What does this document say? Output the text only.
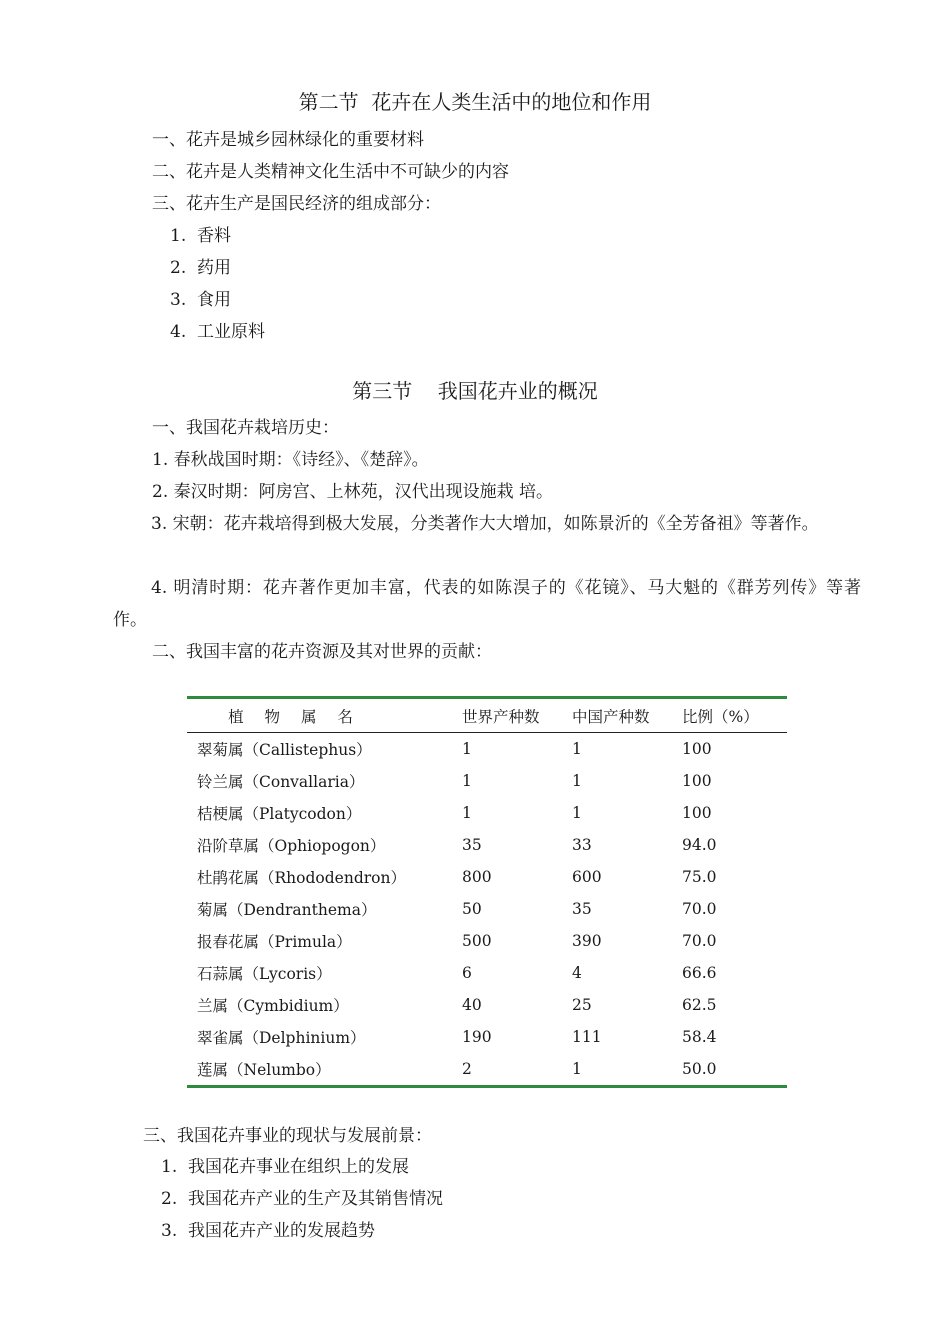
第二节  花卉在人类生活中的地位和作用
一、花卉是城乡园林绿化的重要材料
二、花卉是人类精神文化生活中不可缺少的内容
三、花卉生产是国民经济的组成部分：
1.  香料
2.  药用
3.  食用
4.  工业原料
第三节    我国花卉业的概况
一、我国花卉栽培历史：
1. 春秋战国时期：《诗经》、《楚辞》。
2. 秦汉时期：阿房宫、上林苑，汉代出现设施栽 培。
3. 宋朝：花卉栽培得到极大发展，分类著作大大增加，如陈景沂的《全芳备祖》等著作。
4. 明清时期：花卉著作更加丰富，代表的如陈淏子的《花镜》、马大魁的《群芳列传》等著作。
二、我国丰富的花卉资源及其对世界的贡献：
植 物 属 名	世界产种数	中国产种数	比例（%）
翠菊属（Callistephus）	1	1	100
铃兰属（Convallaria）	1	1	100
桔梗属（Platycodon）	1	1	100
沿阶草属（Ophiopogon）	35	33	94.0
杜鹃花属（Rhododendron）	800	600	75.0
菊属（Dendranthema）	50	35	70.0
报春花属（Primula）	500	390	70.0
石蒜属（Lycoris）	6	4	66.6
兰属（Cymbidium）	40	25	62.5
翠雀属（Delphinium）	190	111	58.4
莲属（Nelumbo）	2	1	50.0
三、我国花卉事业的现状与发展前景：
1.  我国花卉事业在组织上的发展
2.  我国花卉产业的生产及其销售情况
3.  我国花卉产业的发展趋势
